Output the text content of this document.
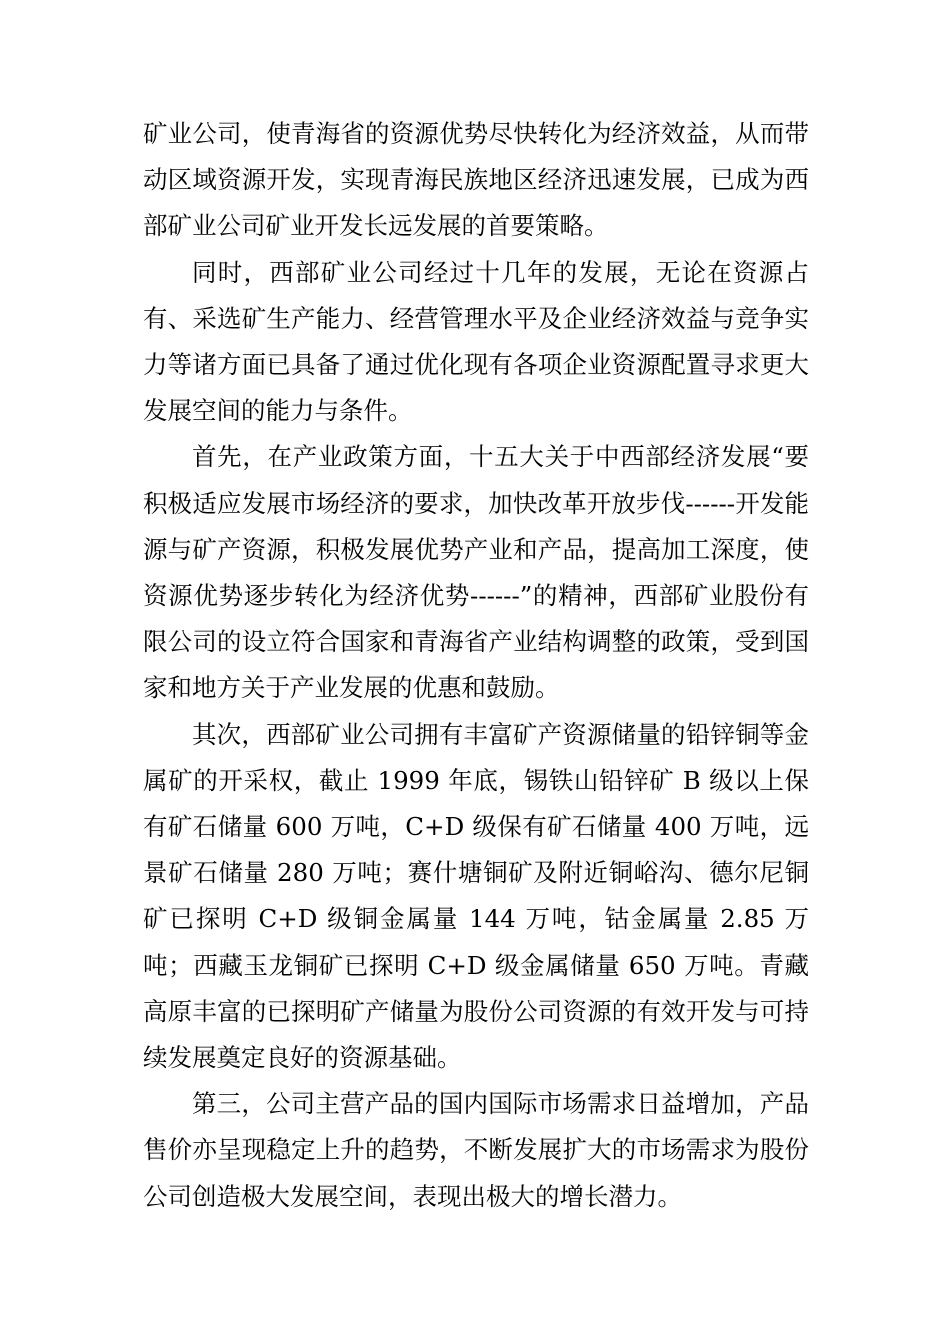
矿业公司，使青海省的资源优势尽快转化为经济效益，从而带动区域资源开发，实现青海民族地区经济迅速发展，已成为西部矿业公司矿业开发长远发展的首要策略。

同时，西部矿业公司经过十几年的发展，无论在资源占有、采选矿生产能力、经营管理水平及企业经济效益与竞争实力等诸方面已具备了通过优化现有各项企业资源配置寻求更大发展空间的能力与条件。

首先，在产业政策方面，十五大关于中西部经济发展“要积极适应发展市场经济的要求，加快改革开放步伐------开发能源与矿产资源，积极发展优势产业和产品，提高加工深度，使资源优势逐步转化为经济优势------”的精神，西部矿业股份有限公司的设立符合国家和青海省产业结构调整的政策，受到国家和地方关于产业发展的优惠和鼓励。

其次，西部矿业公司拥有丰富矿产资源储量的铅锌铜等金属矿的开采权，截止 1999 年底，锡铁山铅锌矿 B 级以上保有矿石储量 600 万吨，C+D 级保有矿石储量 400 万吨，远景矿石储量 280 万吨；赛什塘铜矿及附近铜峪沟、德尔尼铜矿已探明 C+D 级铜金属量 144 万吨，钴金属量 2.85 万吨；西藏玉龙铜矿已探明 C+D 级金属储量 650 万吨。青藏高原丰富的已探明矿产储量为股份公司资源的有效开发与可持续发展奠定良好的资源基础。

第三，公司主营产品的国内国际市场需求日益增加，产品售价亦呈现稳定上升的趋势，不断发展扩大的市场需求为股份公司创造极大发展空间，表现出极大的增长潜力。
